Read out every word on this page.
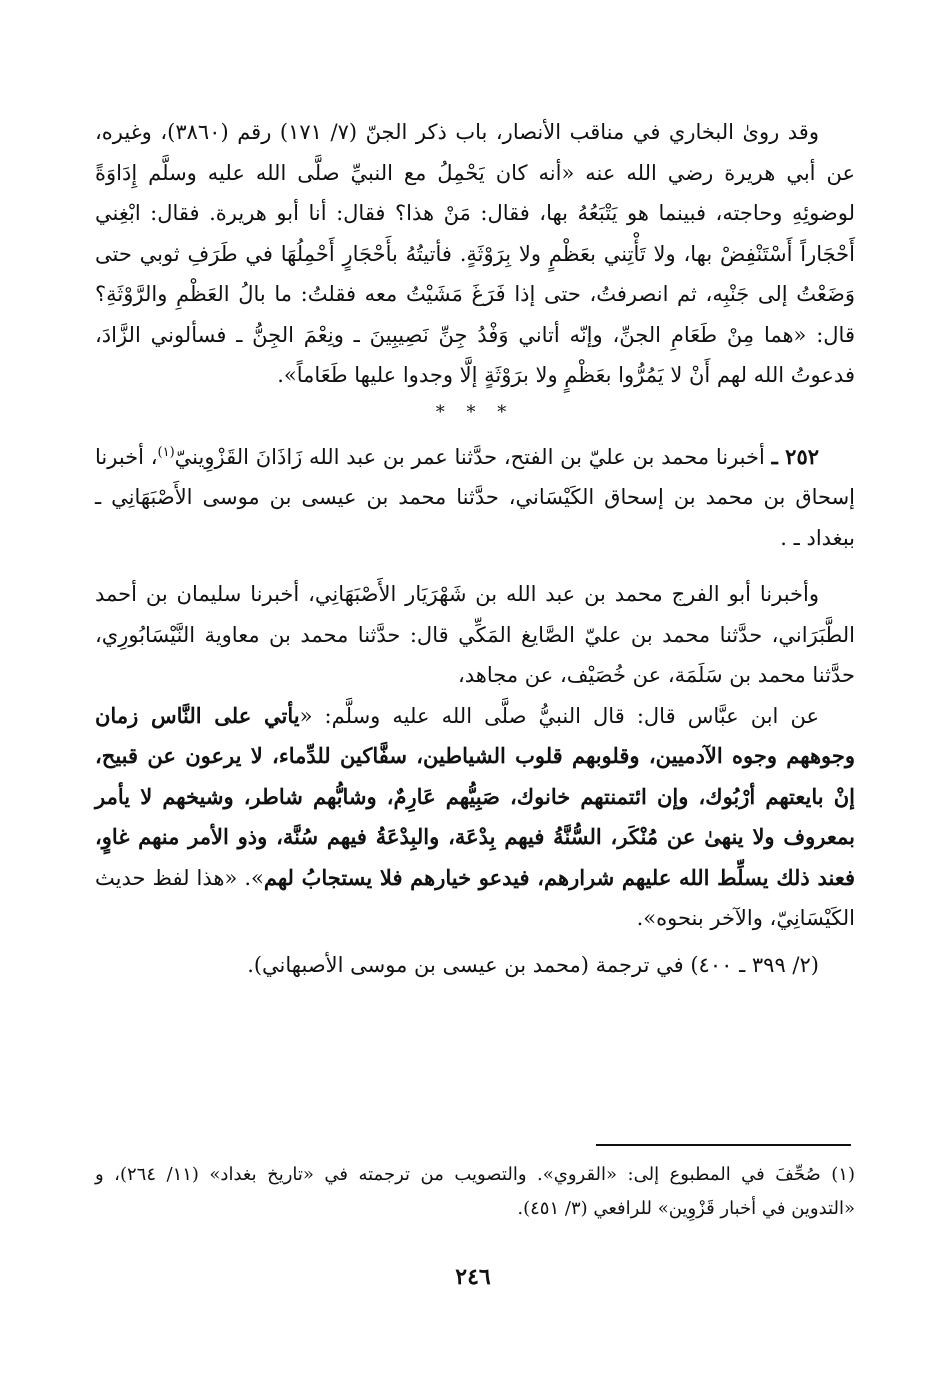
وقد روىٰ البخاري في مناقب الأنصار، باب ذكر الجنّ (٧/ ١٧١) رقم (٣٨٦٠)، وغيره، عن أبي هريرة رضي الله عنه «أنه كان يَحْمِلُ مع النبيِّ صلَّى الله عليه وسلَّم إِدَاوَةً لوضوئِهِ وحاجته، فبينما هو يَتْبَعُهُ بها، فقال: مَنْ هذا؟ فقال: أنا أبو هريرة. فقال: ابْغِني أَحْجَاراً أَسْتَنْفِضْ بها، ولا تَأْتِني بعَظْمٍ ولا بِرَوْثَةٍ. فأتيتُهُ بأَحْجَارٍ أَحْمِلُهَا في طَرَفِ ثوبي حتى وَضَعْتُ إلى جَنْبِه، ثم انصرفتُ، حتى إذا فَرَغَ مَشَيْتُ معه فقلتُ: ما بالُ العَظْمِ والرَّوْثَةِ؟ قال: «هما مِنْ طَعَامِ الجنِّ، وإنّه أتاني وَفْدُ جِنِّ نَصِيبِينَ ـ ونِعْمَ الجِنُّ ـ فسألوني الزَّادَ، فدعوتُ الله لهم أَنْ لا يَمُرُّوا بعَظْمٍ ولا برَوْثَةٍ إلَّا وجدوا عليها طَعَاماً».

* * *

٢٥٢ ـ أخبرنا محمد بن عليّ بن الفتح، حدَّثنا عمر بن عبد الله زَاذَانَ القَزْوِينيّ$^{(١)}$، أخبرنا إسحاق بن محمد بن إسحاق الكَيْسَاني، حدَّثنا محمد بن عيسى بن موسى الأَصْبَهَانِي ـ ببغداد ـ .

وأخبرنا أبو الفرج محمد بن عبد الله بن شَهْرَيَار الأَصْبَهَانِي، أخبرنا سليمان بن أحمد الطَّبَرَاني، حدَّثنا محمد بن عليّ الصَّايغ المَكِّي قال: حدَّثنا محمد بن معاوية النَّيْسَابُورِي، حدَّثنا محمد بن سَلَمَة، عن خُصَيْف، عن مجاهد،

عن ابن عبَّاس قال: قال النبيُّ صلَّى الله عليه وسلَّم: «يأتي على النَّاس زمان وجوههم وجوه الآدميين، وقلوبهم قلوب الشياطين، سفَّاكين للدِّماء، لا يرعون عن قبيح، إنْ بايعتهم أرْبُوك، وإن ائتمنتهم خانوك، صَبِيُّهم عَارِمٌ، وشابُّهم شاطر، وشيخهم لا يأمر بمعروف ولا ينهىٰ عن مُنْكَر، السُّنَّةُ فيهم بِدْعَة، والبِدْعَةُ فيهم سُنَّة، وذو الأمر منهم غاوٍ، فعند ذلك يسلِّط الله عليهم شرارهم، فيدعو خيارهم فلا يستجابُ لهم». «هذا لفظ حديث الكَيْسَانِيّ، والآخر بنحوه».

(٢/ ٣٩٩ ـ ٤٠٠) في ترجمة (محمد بن عيسى بن موسى الأصبهاني).

(١) صُحِّفَ في المطبوع إلى: «القروي». والتصويب من ترجمته في «تاريخ بغداد» (١١/ ٢٦٤)، و «التدوين في أخبار قَزْوِين» للرافعي (٣/ ٤٥١).

٢٤٦
